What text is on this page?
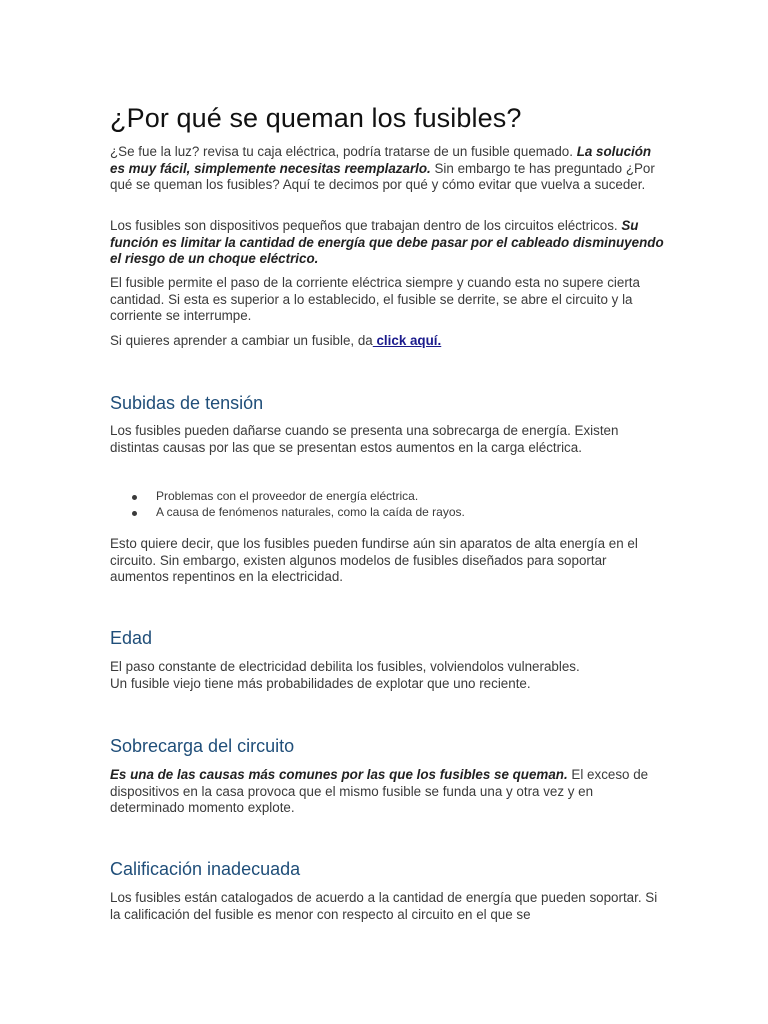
¿Por qué se queman los fusibles?

¿Se fue la luz? revisa tu caja eléctrica, podría tratarse de un fusible quemado. La solución es muy fácil, simplemente necesitas reemplazarlo. Sin embargo te has preguntado ¿Por qué se queman los fusibles? Aquí te decimos por qué y cómo evitar que vuelva a suceder.

Los fusibles son dispositivos pequeños que trabajan dentro de los circuitos eléctricos. Su función es limitar la cantidad de energía que debe pasar por el cableado disminuyendo el riesgo de un choque eléctrico.

El fusible permite el paso de la corriente eléctrica siempre y cuando esta no supere cierta cantidad. Si esta es superior a lo establecido, el fusible se derrite, se abre el circuito y la corriente se interrumpe.

Si quieres aprender a cambiar un fusible, da click aquí.

Subidas de tensión

Los fusibles pueden dañarse cuando se presenta una sobrecarga de energía. Existen distintas causas por las que se presentan estos aumentos en la carga eléctrica.

Problemas con el proveedor de energía eléctrica.
A causa de fenómenos naturales, como la caída de rayos.

Esto quiere decir, que los fusibles pueden fundirse aún sin aparatos de alta energía en el circuito. Sin embargo, existen algunos modelos de fusibles diseñados para soportar aumentos repentinos en la electricidad.

Edad

El paso constante de electricidad debilita los fusibles, volviendolos vulnerables.
Un fusible viejo tiene más probabilidades de explotar que uno reciente.

Sobrecarga del circuito

Es una de las causas más comunes por las que los fusibles se queman. El exceso de dispositivos en la casa provoca que el mismo fusible se funda una y otra vez y en determinado momento explote.

Calificación inadecuada

Los fusibles están catalogados de acuerdo a la cantidad de energía que pueden soportar. Si la calificación del fusible es menor con respecto al circuito en el que se
